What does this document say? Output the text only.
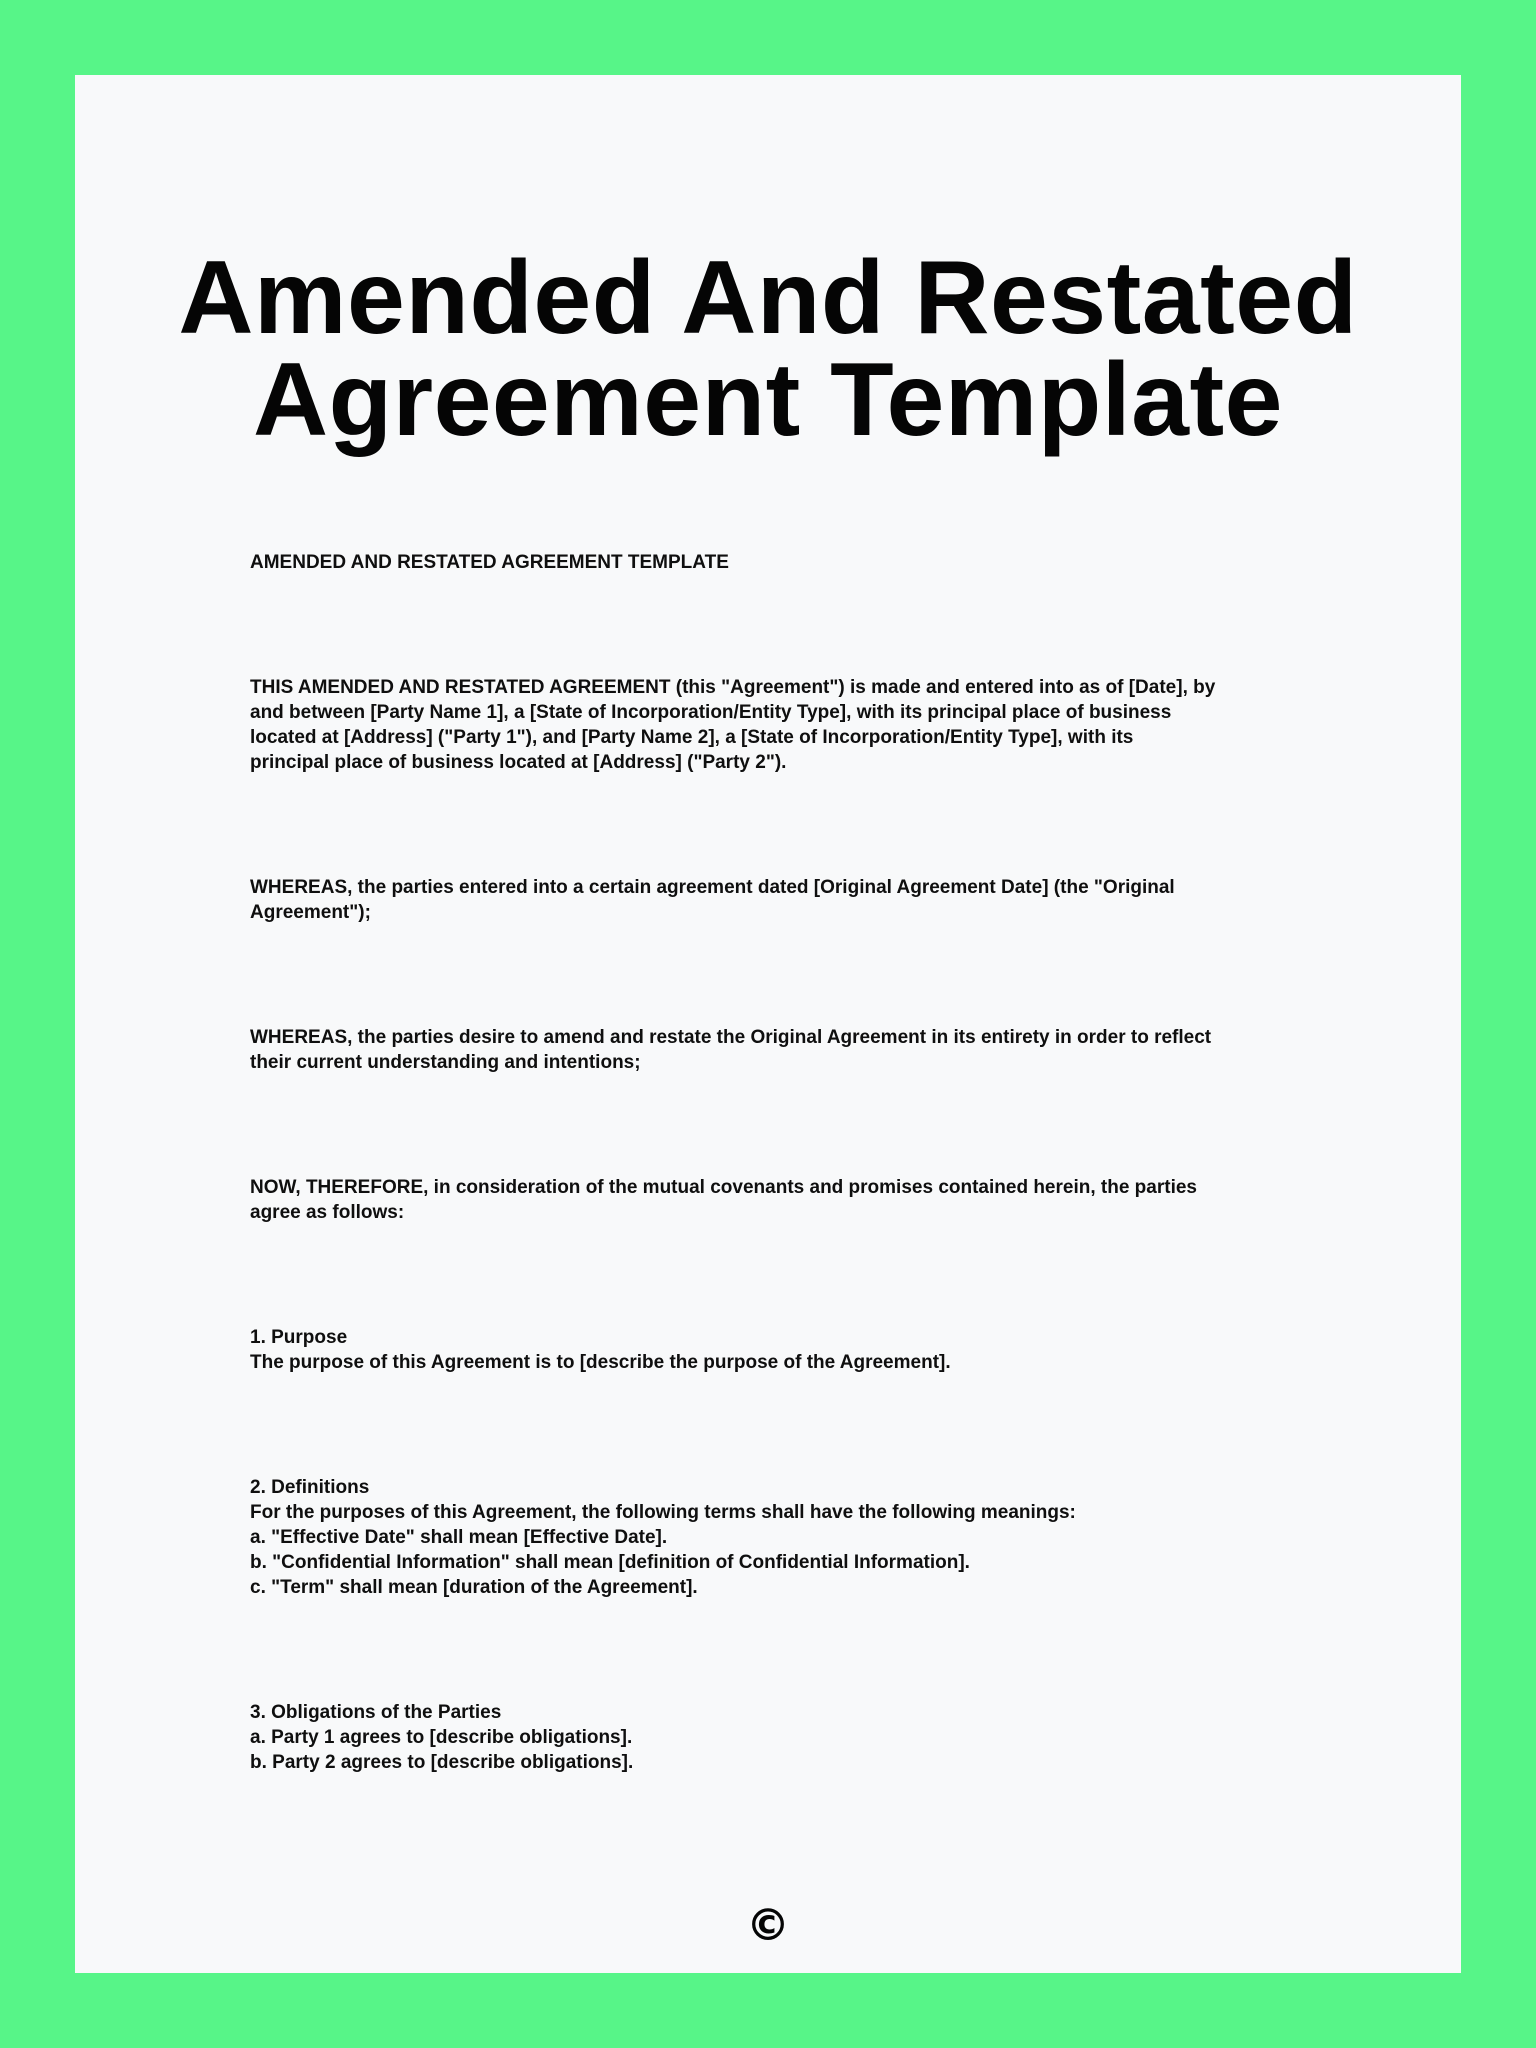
Amended And Restated
Agreement Template

AMENDED AND RESTATED AGREEMENT TEMPLATE

THIS AMENDED AND RESTATED AGREEMENT (this "Agreement") is made and entered into as of [Date], by
and between [Party Name 1], a [State of Incorporation/Entity Type], with its principal place of business
located at [Address] ("Party 1"), and [Party Name 2], a [State of Incorporation/Entity Type], with its
principal place of business located at [Address] ("Party 2").

WHEREAS, the parties entered into a certain agreement dated [Original Agreement Date] (the "Original
Agreement");

WHEREAS, the parties desire to amend and restate the Original Agreement in its entirety in order to reflect
their current understanding and intentions;

NOW, THEREFORE, in consideration of the mutual covenants and promises contained herein, the parties
agree as follows:

1. Purpose
The purpose of this Agreement is to [describe the purpose of the Agreement].

2. Definitions
For the purposes of this Agreement, the following terms shall have the following meanings:
a. "Effective Date" shall mean [Effective Date].
b. "Confidential Information" shall mean [definition of Confidential Information].
c. "Term" shall mean [duration of the Agreement].

3. Obligations of the Parties
a. Party 1 agrees to [describe obligations].
b. Party 2 agrees to [describe obligations].

©
